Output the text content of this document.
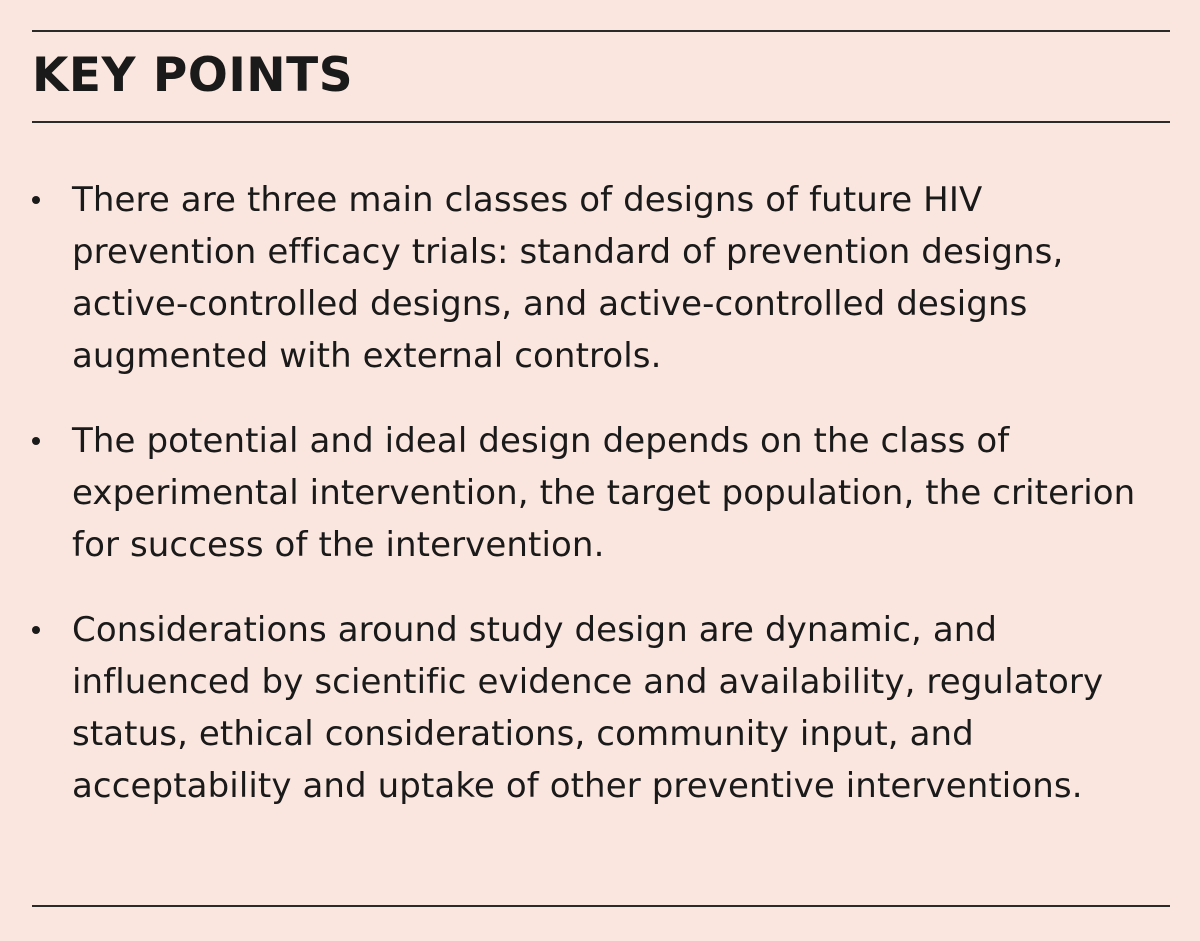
KEY POINTS
There are three main classes of designs of future HIV prevention efficacy trials: standard of prevention designs, active-controlled designs, and active-controlled designs augmented with external controls.
The potential and ideal design depends on the class of experimental intervention, the target population, the criterion for success of the intervention.
Considerations around study design are dynamic, and influenced by scientific evidence and availability, regulatory status, ethical considerations, community input, and acceptability and uptake of other preventive interventions.
